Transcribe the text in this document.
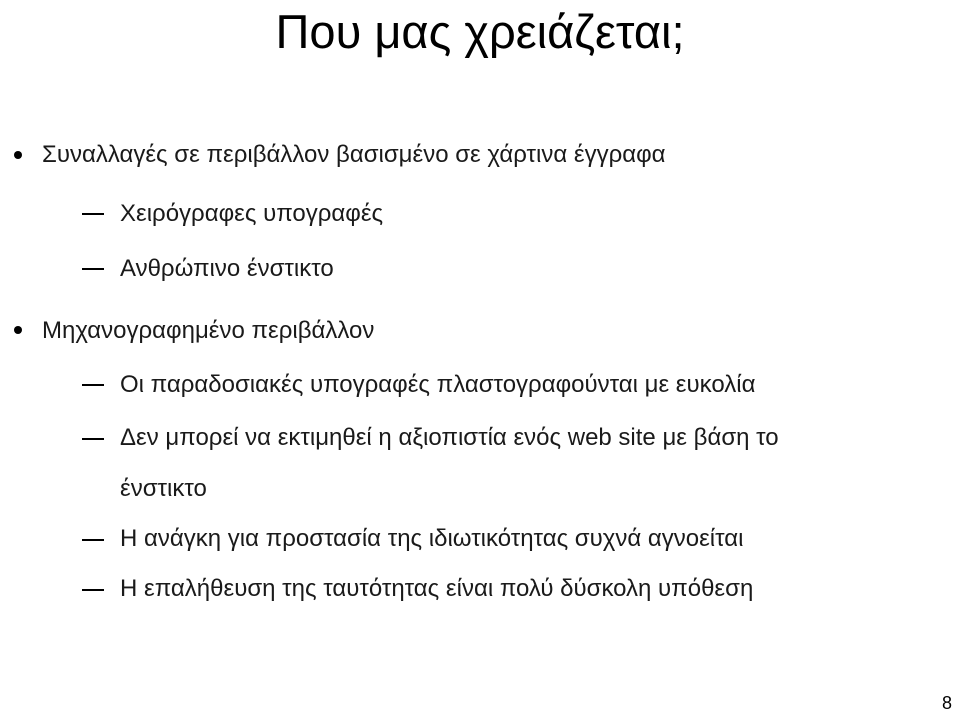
Που μας χρειάζεται;
Συναλλαγές σε περιβάλλον βασισμένο σε χάρτινα έγγραφα
Χειρόγραφες υπογραφές
Ανθρώπινο ένστικτο
Μηχανογραφημένο περιβάλλον
Οι παραδοσιακές υπογραφές πλαστογραφούνται με ευκολία
Δεν μπορεί να εκτιμηθεί η αξιοπιστία ενός web site με βάση το
ένστικτο
Η ανάγκη για προστασία της ιδιωτικότητας συχνά αγνοείται
Η επαλήθευση της ταυτότητας είναι πολύ δύσκολη υπόθεση
8
